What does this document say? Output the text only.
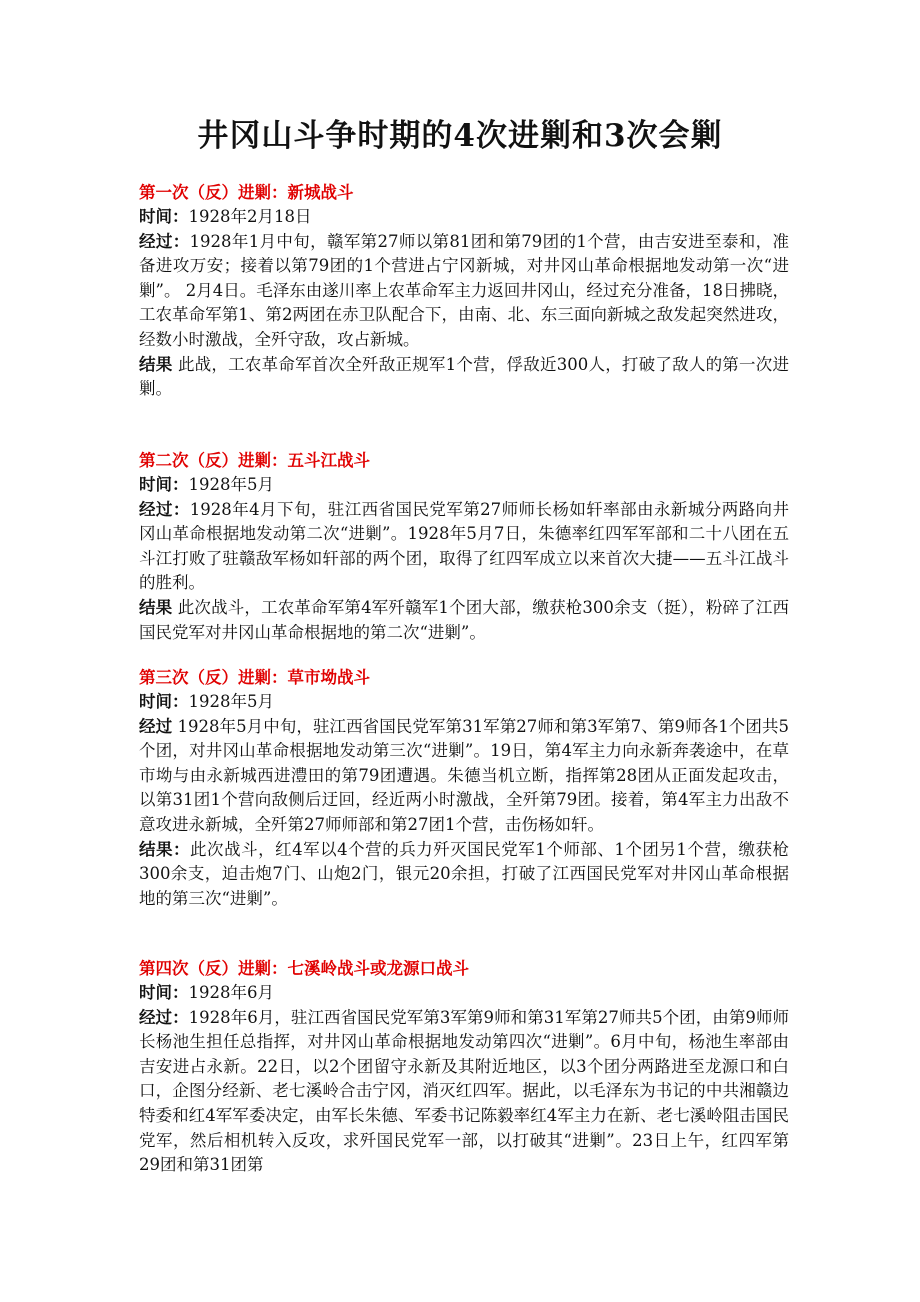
井冈山斗争时期的4次进剿和3次会剿
第一次（反）进剿：新城战斗
时间：1928年2月18日
经过：1928年1月中旬，赣军第27师以第81团和第79团的1个营，由吉安进至泰和，准备进攻万安；接着以第79团的1个营进占宁冈新城，对井冈山革命根据地发动第一次“进剿”。 2月4日。毛泽东由遂川率上农革命军主力返回井冈山，经过充分准备，18日拂晓，工农革命军第1、第2两团在赤卫队配合下，由南、北、东三面向新城之敌发起突然进攻，经数小时激战，全歼守敌，攻占新城。
结果 此战，工农革命军首次全歼敌正规军1个营，俘敌近300人，打破了敌人的第一次进剿。
第二次（反）进剿：五斗江战斗
时间：1928年5月
经过：1928年4月下旬，驻江西省国民党军第27师师长杨如轩率部由永新城分两路向井冈山革命根据地发动第二次“进剿”。1928年5月7日，朱德率红四军军部和二十八团在五斗江打败了驻赣敌军杨如轩部的两个团，取得了红四军成立以来首次大捷——五斗江战斗的胜利。
结果 此次战斗，工农革命军第4军歼赣军1个团大部，缴获枪300余支（挺），粉碎了江西国民党军对井冈山革命根据地的第二次“进剿”。
第三次（反）进剿：草市坳战斗
时间：1928年5月
经过 1928年5月中旬，驻江西省国民党军第31军第27师和第3军第7、第9师各1个团共5个团，对井冈山革命根据地发动第三次“进剿”。19日，第4军主力向永新奔袭途中，在草市坳与由永新城西进澧田的第79团遭遇。朱德当机立断，指挥第28团从正面发起攻击，以第31团1个营向敌侧后迂回，经近两小时激战，全歼第79团。接着，第4军主力出敌不意攻进永新城，全歼第27师师部和第27团1个营，击伤杨如轩。
结果：此次战斗，红4军以4个营的兵力歼灭国民党军1个师部、1个团另1个营，缴获枪300余支，迫击炮7门、山炮2门，银元20余担，打破了江西国民党军对井冈山革命根据地的第三次“进剿”。
第四次（反）进剿：七溪岭战斗或龙源口战斗
时间：1928年6月
经过：1928年6月，驻江西省国民党军第3军第9师和第31军第27师共5个团，由第9师师长杨池生担任总指挥，对井冈山革命根据地发动第四次“进剿”。6月中旬，杨池生率部由吉安进占永新。22日，以2个团留守永新及其附近地区，以3个团分两路进至龙源口和白口，企图分经新、老七溪岭合击宁冈，消灭红四军。据此，以毛泽东为书记的中共湘赣边特委和红4军军委决定，由军长朱德、军委书记陈毅率红4军主力在新、老七溪岭阻击国民党军，然后相机转入反攻，求歼国民党军一部，以打破其“进剿”。23日上午，红四军第29团和第31团第
